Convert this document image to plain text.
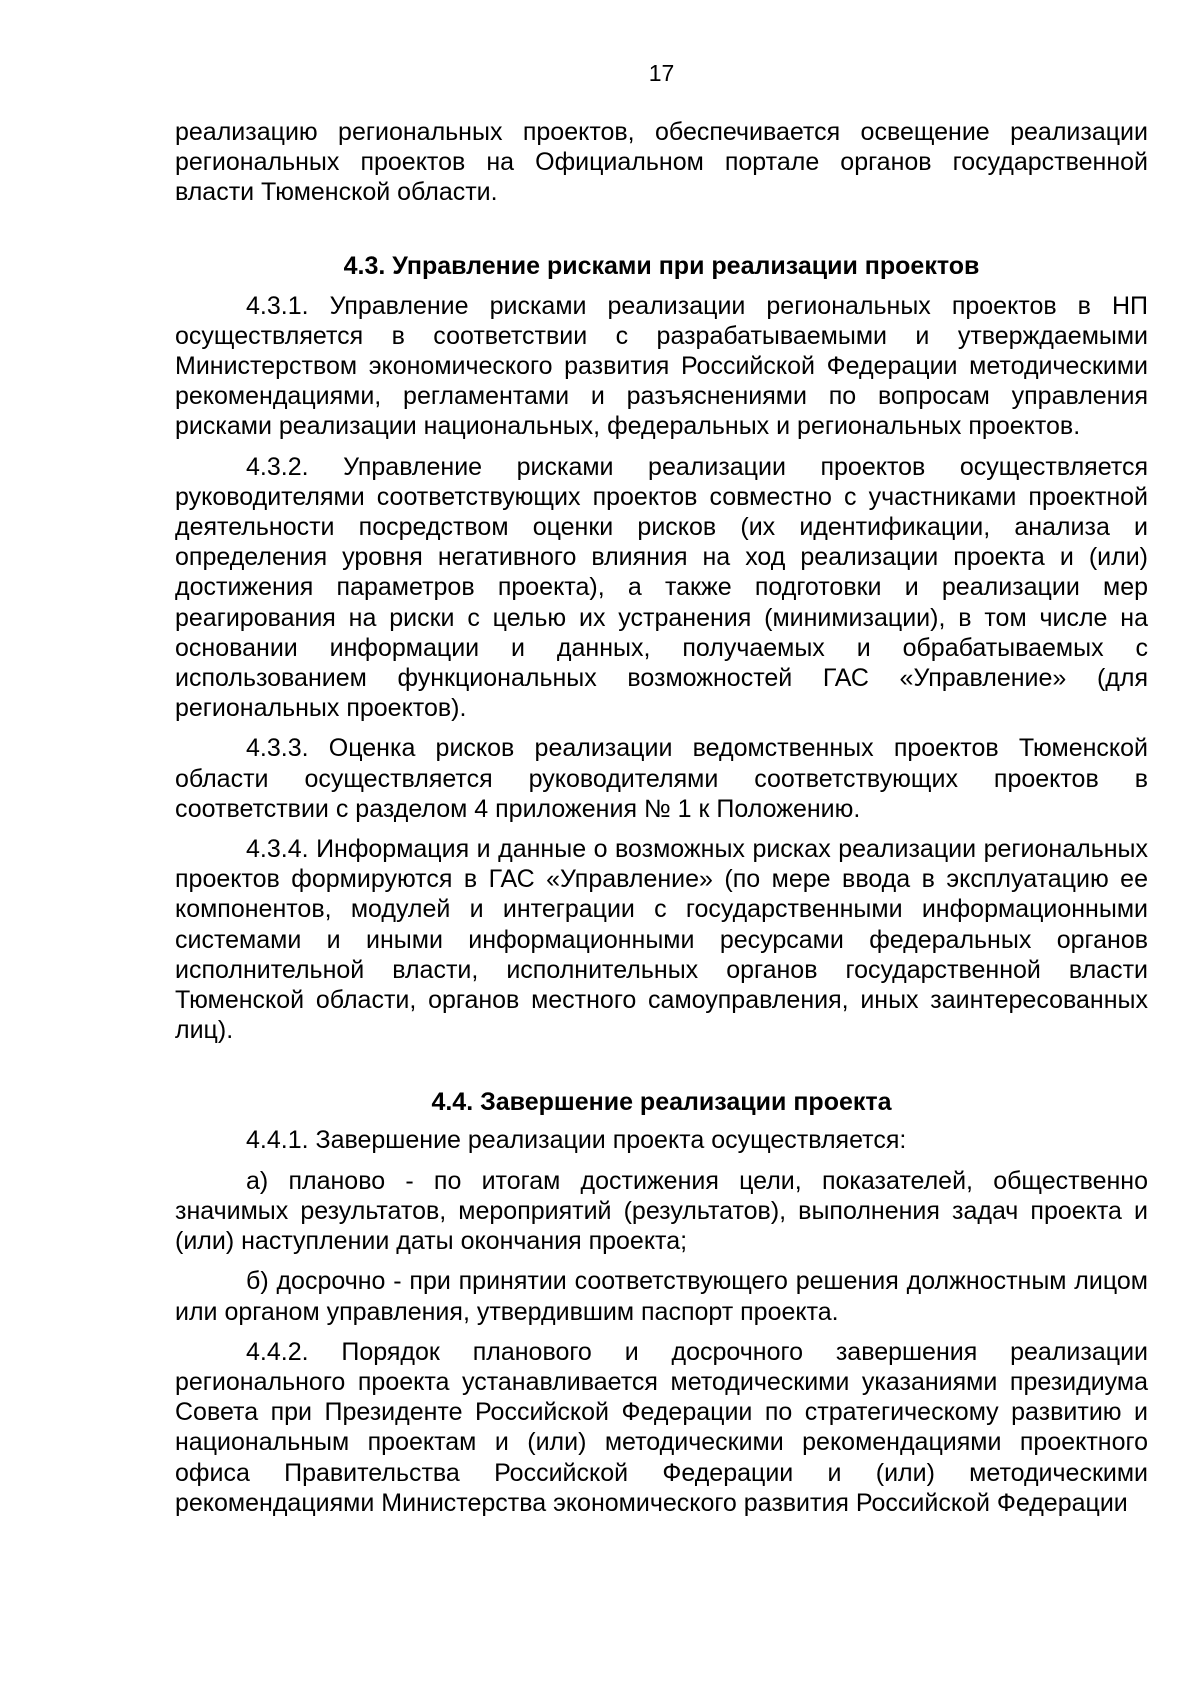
17

реализацию региональных проектов, обеспечивается освещение реализации региональных проектов на Официальном портале органов государственной власти Тюменской области.

4.3. Управление рисками при реализации проектов

4.3.1. Управление рисками реализации региональных проектов в НП осуществляется в соответствии с разрабатываемыми и утверждаемыми Министерством экономического развития Российской Федерации методическими рекомендациями, регламентами и разъяснениями по вопросам управления рисками реализации национальных, федеральных и региональных проектов.

4.3.2. Управление рисками реализации проектов осуществляется руководителями соответствующих проектов совместно с участниками проектной деятельности посредством оценки рисков (их идентификации, анализа и определения уровня негативного влияния на ход реализации проекта и (или) достижения параметров проекта), а также подготовки и реализации мер реагирования на риски с целью их устранения (минимизации), в том числе на основании информации и данных, получаемых и обрабатываемых с использованием функциональных возможностей ГАС «Управление» (для региональных проектов).

4.3.3. Оценка рисков реализации ведомственных проектов Тюменской области осуществляется руководителями соответствующих проектов в соответствии с разделом 4 приложения № 1 к Положению.

4.3.4. Информация и данные о возможных рисках реализации региональных проектов формируются в ГАС «Управление» (по мере ввода в эксплуатацию ее компонентов, модулей и интеграции с государственными информационными системами и иными информационными ресурсами федеральных органов исполнительной власти, исполнительных органов государственной власти Тюменской области, органов местного самоуправления, иных заинтересованных лиц).

4.4. Завершение реализации проекта

4.4.1. Завершение реализации проекта осуществляется:

а) планово - по итогам достижения цели, показателей, общественно значимых результатов, мероприятий (результатов), выполнения задач проекта и (или) наступлении даты окончания проекта;

б) досрочно - при принятии соответствующего решения должностным лицом или органом управления, утвердившим паспорт проекта.

4.4.2. Порядок планового и досрочного завершения реализации регионального проекта устанавливается методическими указаниями президиума Совета при Президенте Российской Федерации по стратегическому развитию и национальным проектам и (или) методическими рекомендациями проектного офиса Правительства Российской Федерации и (или) методическими рекомендациями Министерства экономического развития Российской Федерации
